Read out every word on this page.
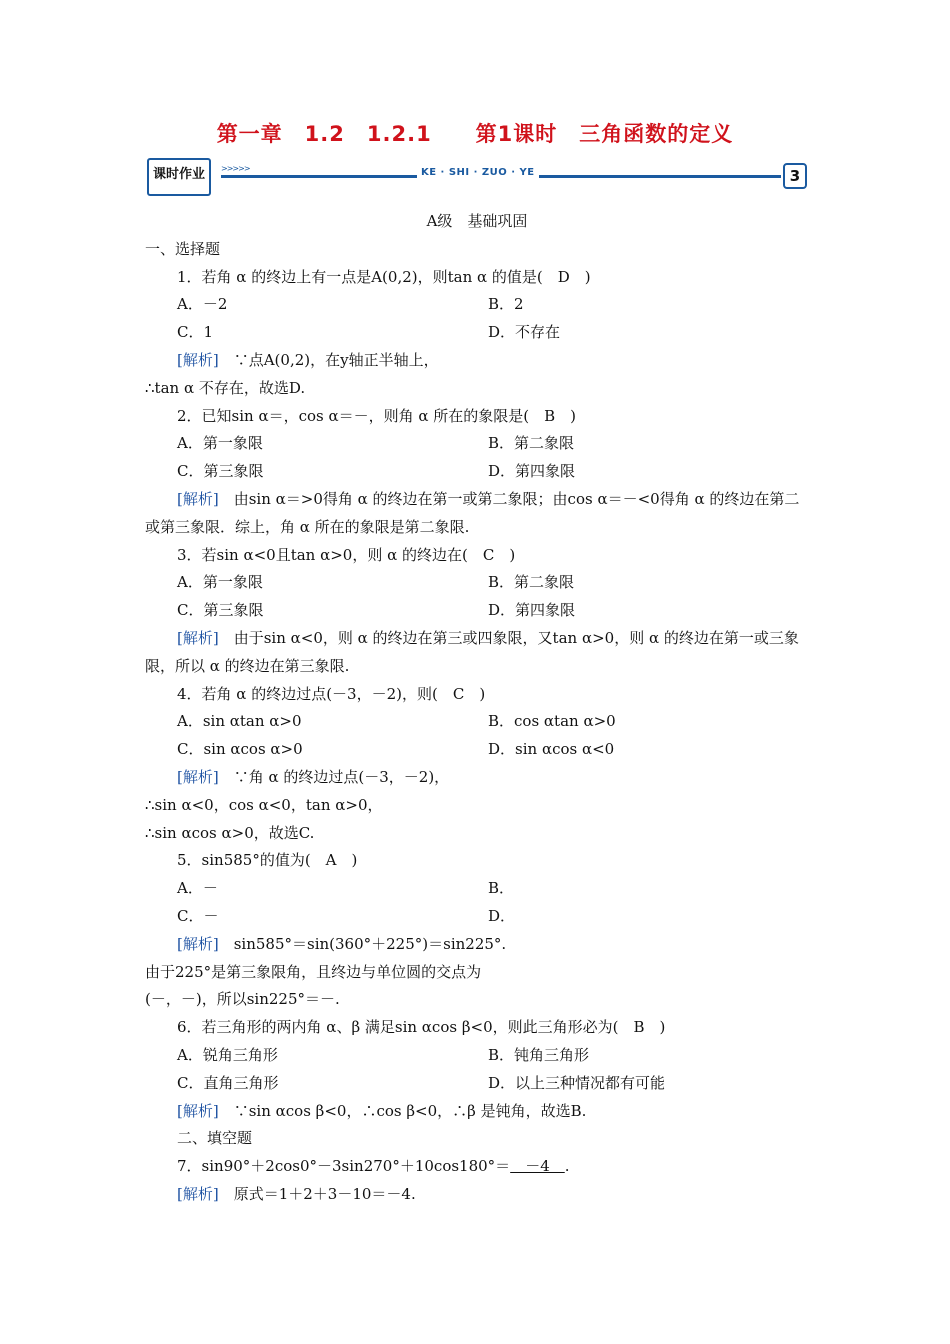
第一章　1.2　1.2.1　　第1课时　三角函数的定义
课时作业	>>>>>	KE · SHI · ZUO · YE	3
A级　基础巩固
一、选择题
1．若角 α 的终边上有一点是A(0,2)，则tan α 的值是(　D　)
A．－2	B．2
C．1	D．不存在
[解析]　∵点A(0,2)，在y轴正半轴上，
∴tan α 不存在，故选D.
2．已知sin α＝，cos α＝－，则角 α 所在的象限是(　B　)
A．第一象限	B．第二象限
C．第三象限	D．第四象限
[解析]　由sin α＝>0得角 α 的终边在第一或第二象限；由cos α＝－<0得角 α 的终边在第二或第三象限．综上，角 α 所在的象限是第二象限.
3．若sin α<0且tan α>0，则 α 的终边在(　C　)
A．第一象限	B．第二象限
C．第三象限	D．第四象限
[解析]　由于sin α<0，则 α 的终边在第三或四象限，又tan α>0，则 α 的终边在第一或三象限，所以 α 的终边在第三象限.
4．若角 α 的终边过点(－3，－2)，则(　C　)
A．sin αtan α>0	B．cos αtan α>0
C．sin αcos α>0	D．sin αcos α<0
[解析]　∵角 α 的终边过点(－3，－2)，
∴sin α<0，cos α<0，tan α>0，
∴sin αcos α>0，故选C.
5．sin585°的值为(　A　)
A．－	B．
C．－	D．
[解析]　sin585°＝sin(360°＋225°)＝sin225°.
由于225°是第三象限角，且终边与单位圆的交点为
(－，－)，所以sin225°＝－.
6．若三角形的两内角 α、β 满足sin αcos β<0，则此三角形必为(　B　)
A．锐角三角形	B．钝角三角形
C．直角三角形	D．以上三种情况都有可能
[解析]　∵sin αcos β<0，∴cos β<0，∴β 是钝角，故选B.
二、填空题
7．sin90°＋2cos0°－3sin270°＋10cos180°＝　－4　.
[解析]　原式＝1＋2＋3－10＝－4.
